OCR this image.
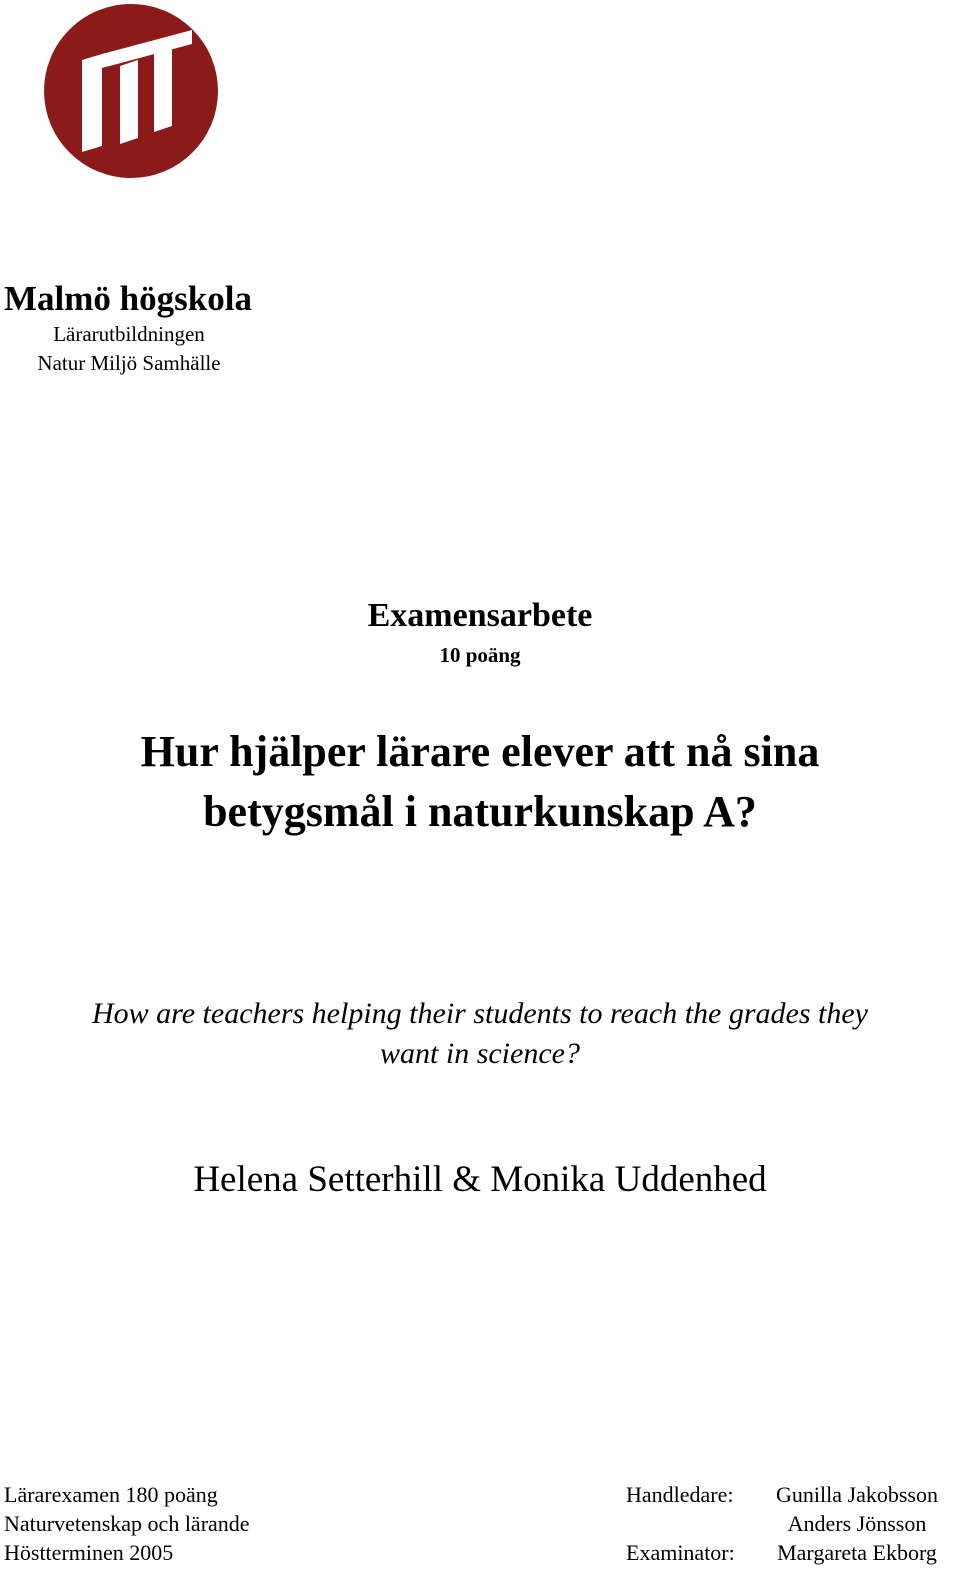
Malmö högskola
Lärarutbildningen
Natur Miljö Samhälle
Examensarbete
10 poäng
Hur hjälper lärare elever att nå sina
betygsmål i naturkunskap A?
How are teachers helping their students to reach the grades they
want in science?
Helena Setterhill & Monika Uddenhed
Lärarexamen 180 poäng
Naturvetenskap och lärande
Höstterminen 2005
Handledare:	Gunilla Jakobsson
Anders Jönsson
Examinator:	Margareta Ekborg
